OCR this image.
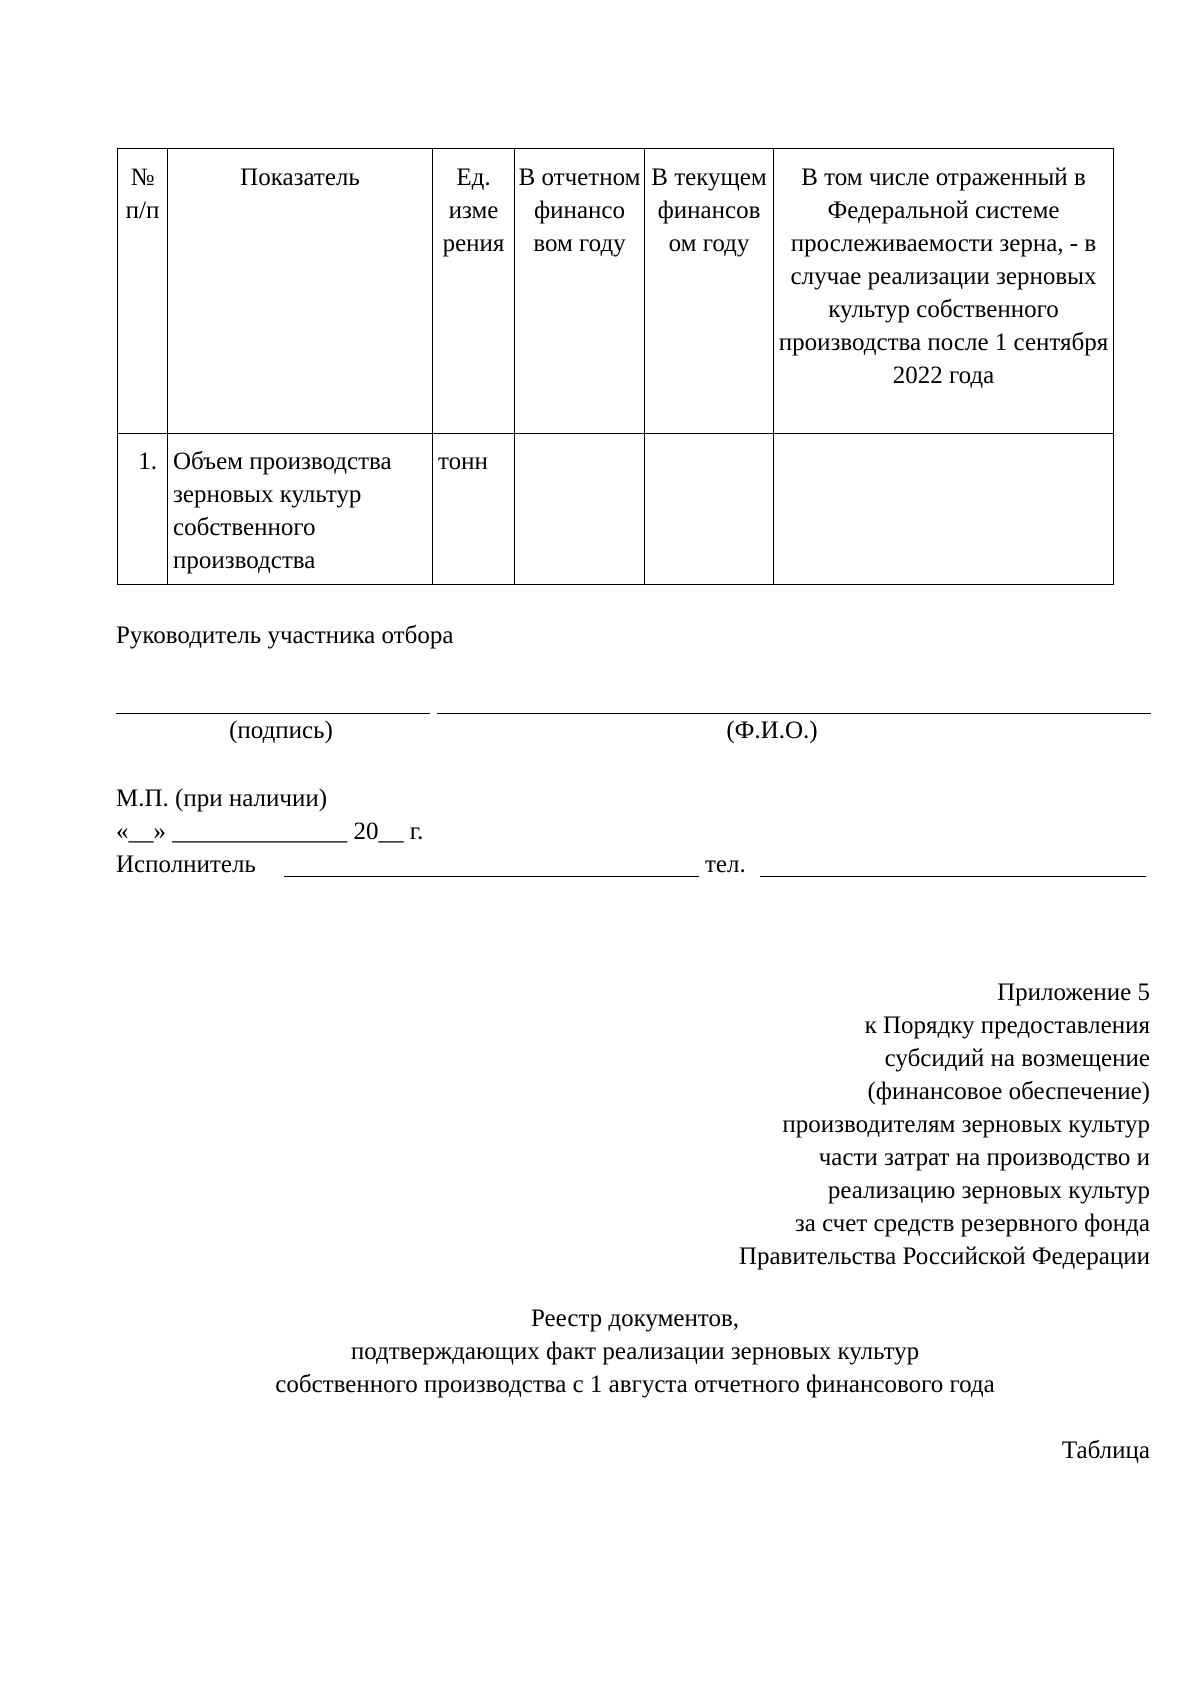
№ п/п	Показатель	Ед. изме рения	В отчетном финансо вом году	В текущем финансов ом году	В том числе отраженный в Федеральной системе прослеживаемости зерна, - в случае реализации зерновых культур собственного производства после 1 сентября 2022 года
1.	Объем производства зерновых культур собственного производства	тонн			
Руководитель участника отбора
(подпись)	(Ф.И.О.)
М.П. (при наличии)
«__» ______________ 20__ г.
Исполнитель	тел.
Приложение 5
к Порядку предоставления
субсидий на возмещение
(финансовое обеспечение)
производителям зерновых культур
части затрат на производство и
реализацию зерновых культур
за счет средств резервного фонда
Правительства Российской Федерации
Реестр документов,
подтверждающих факт реализации зерновых культур
собственного производства с 1 августа отчетного финансового года
Таблица
